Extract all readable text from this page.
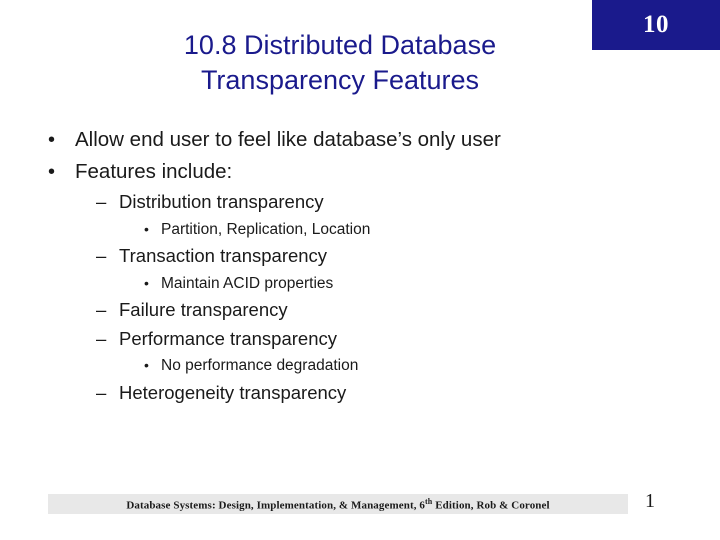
10
10.8 Distributed Database
Transparency Features
• Allow end user to feel like database’s only user
• Features include:
– Distribution transparency
• Partition, Replication, Location
– Transaction transparency
• Maintain ACID properties
– Failure transparency
– Performance transparency
• No performance degradation
– Heterogeneity transparency
Database Systems: Design, Implementation, & Management, 6th Edition, Rob & Coronel	1
